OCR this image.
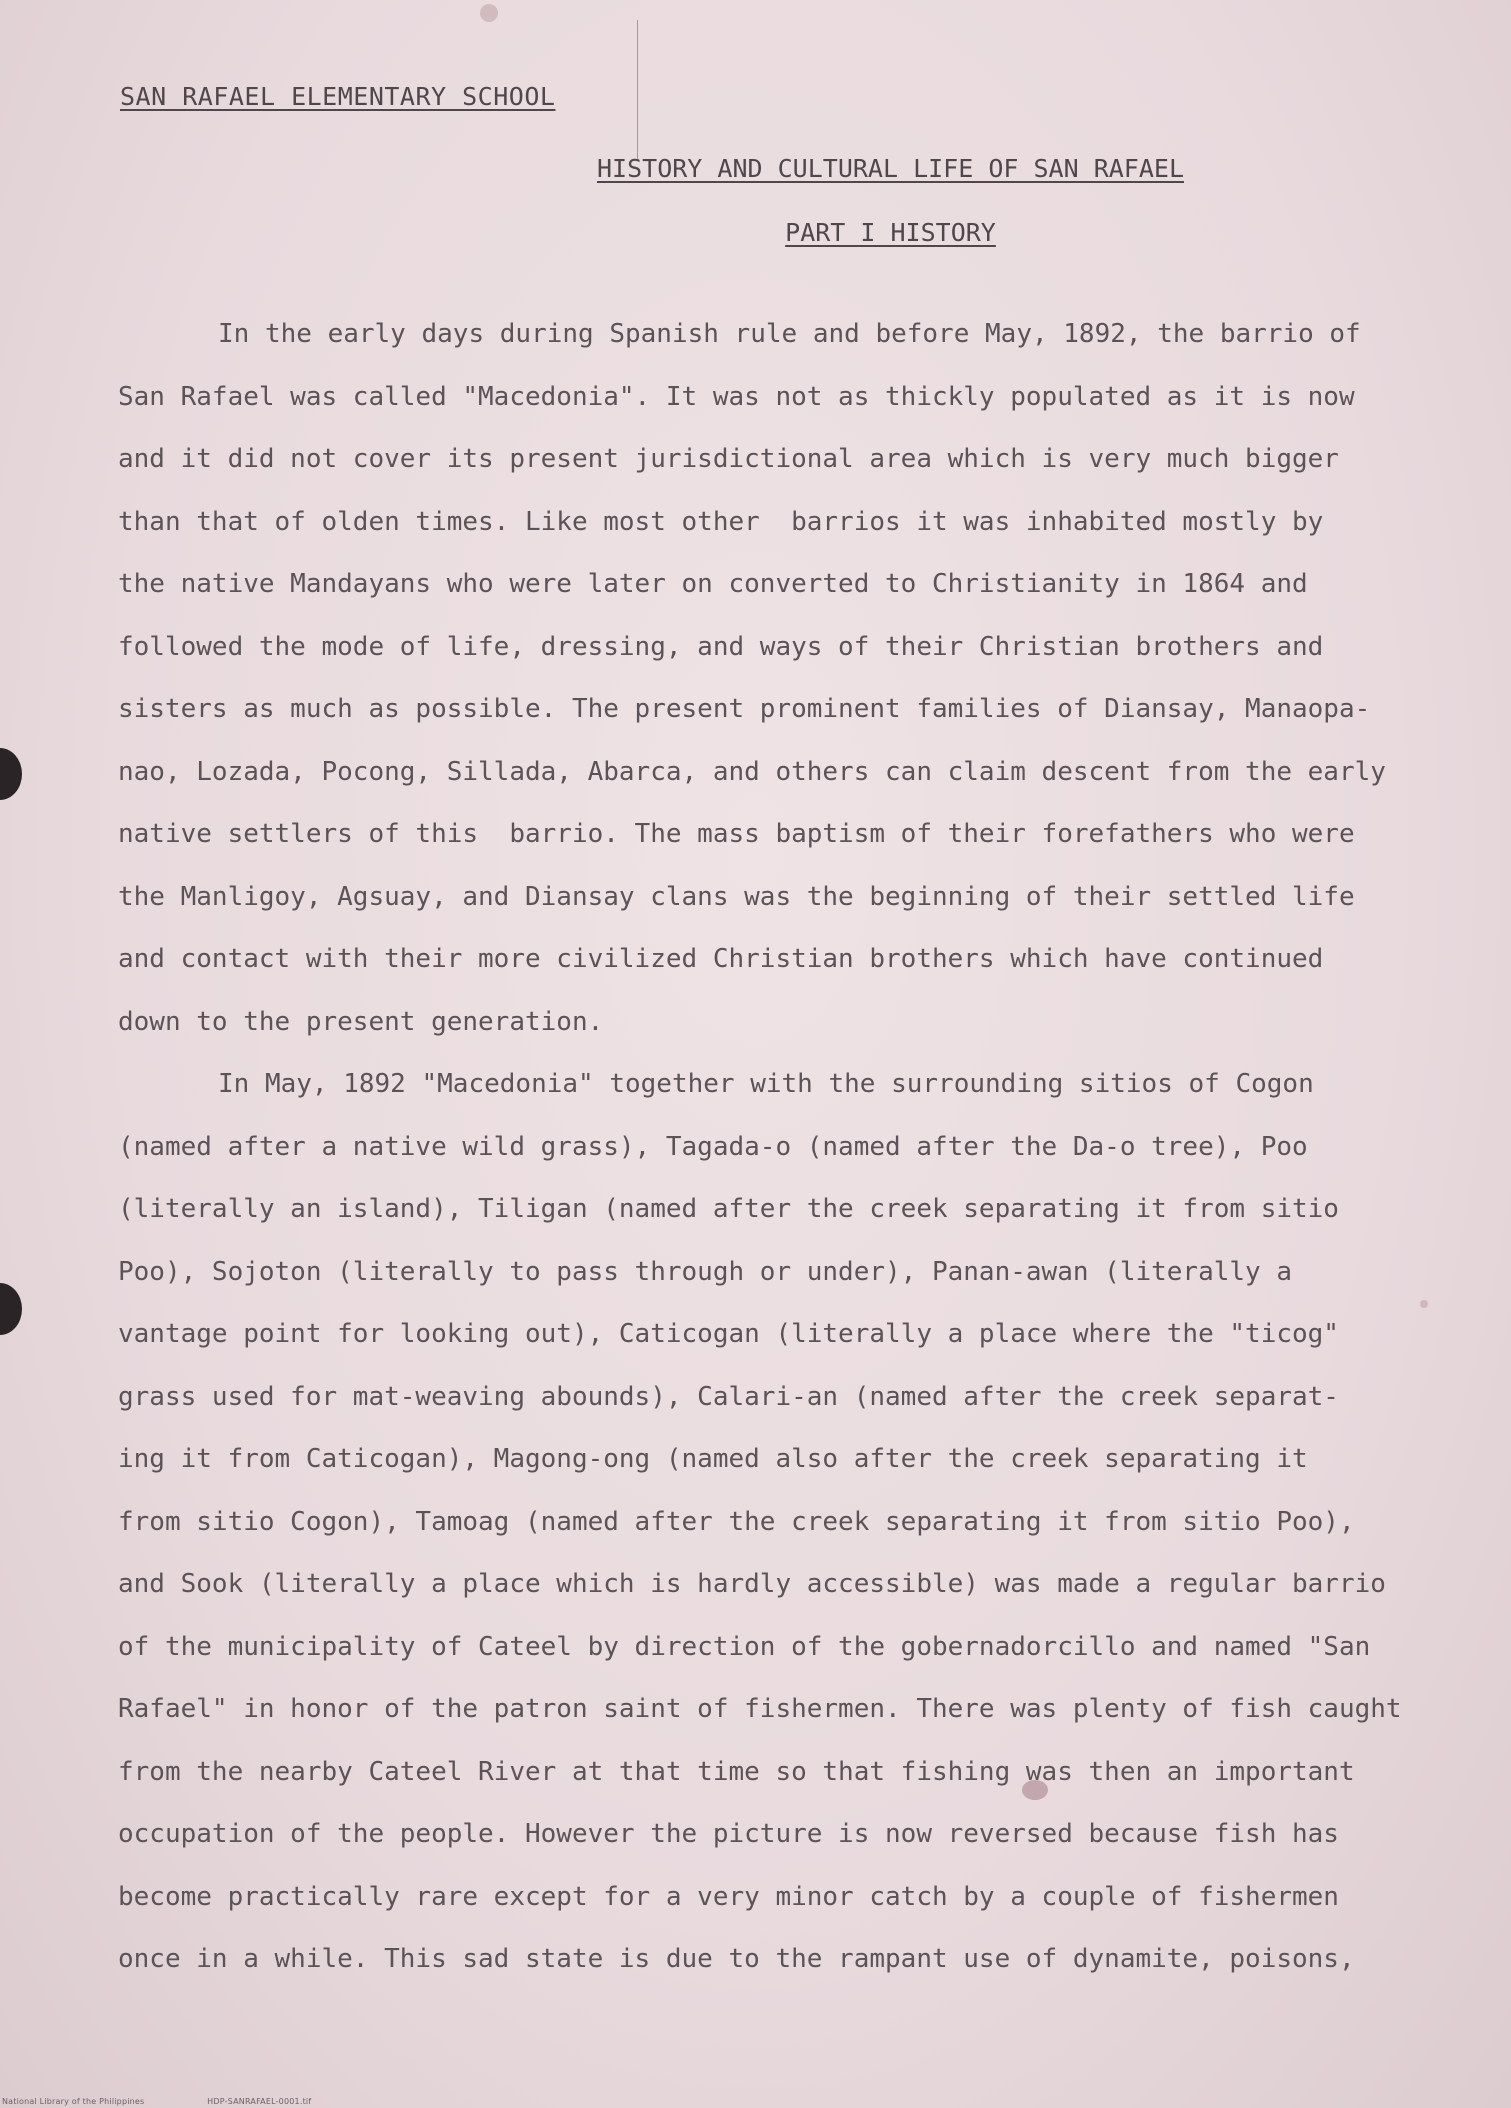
SAN RAFAEL ELEMENTARY SCHOOL
HISTORY AND CULTURAL LIFE OF SAN RAFAEL
PART I HISTORY
In the early days during Spanish rule and before May, 1892, the barrio of
San Rafael was called "Macedonia". It was not as thickly populated as it is now
and it did not cover its present jurisdictional area which is very much bigger
than that of olden times. Like most other  barrios it was inhabited mostly by
the native Mandayans who were later on converted to Christianity in 1864 and
followed the mode of life, dressing, and ways of their Christian brothers and
sisters as much as possible. The present prominent families of Diansay, Manaopa-
nao, Lozada, Pocong, Sillada, Abarca, and others can claim descent from the early
native settlers of this  barrio. The mass baptism of their forefathers who were
the Manligoy, Agsuay, and Diansay clans was the beginning of their settled life
and contact with their more civilized Christian brothers which have continued
down to the present generation.
In May, 1892 "Macedonia" together with the surrounding sitios of Cogon
(named after a native wild grass), Tagada-o (named after the Da-o tree), Poo
(literally an island), Tiligan (named after the creek separating it from sitio
Poo), Sojoton (literally to pass through or under), Panan-awan (literally a
vantage point for looking out), Caticogan (literally a place where the "ticog"
grass used for mat-weaving abounds), Calari-an (named after the creek separat-
ing it from Caticogan), Magong-ong (named also after the creek separating it
from sitio Cogon), Tamoag (named after the creek separating it from sitio Poo),
and Sook (literally a place which is hardly accessible) was made a regular barrio
of the municipality of Cateel by direction of the gobernadorcillo and named "San
Rafael" in honor of the patron saint of fishermen. There was plenty of fish caught
from the nearby Cateel River at that time so that fishing was then an important
occupation of the people. However the picture is now reversed because fish has
become practically rare except for a very minor catch by a couple of fishermen
once in a while. This sad state is due to the rampant use of dynamite, poisons,
National Library of the Philippines	HDP-SANRAFAEL-0001.tif
